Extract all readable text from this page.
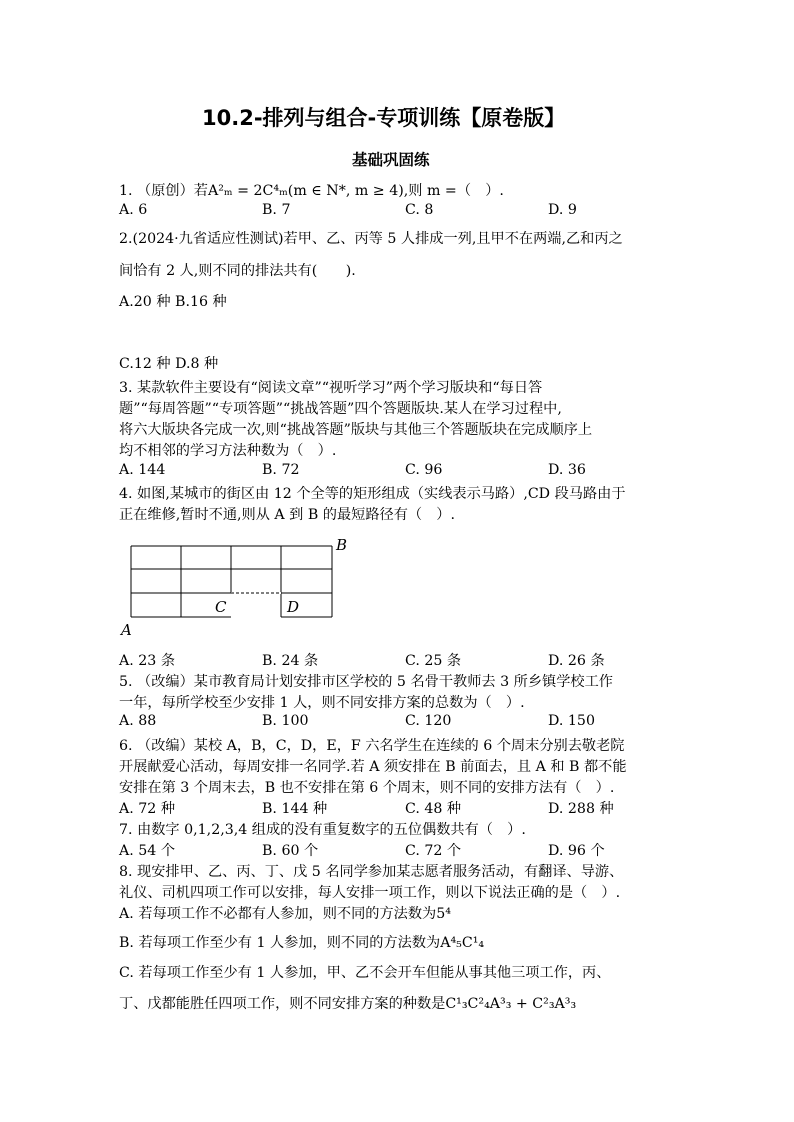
10.2-排列与组合-专项训练【原卷版】
基础巩固练
1. （原创）若A²ₘ = 2C⁴ₘ(m ∈ N*, m ≥ 4),则 m =（　）.
A. 6	B. 7	C. 8	D. 9
2.(2024·九省适应性测试)若甲、乙、丙等 5 人排成一列,且甲不在两端,乙和丙之
间恰有 2 人,则不同的排法共有(　　).
A.20 种 B.16 种
C.12 种 D.8 种
3. 某款软件主要设有“阅读文章”“视听学习”两个学习版块和“每日答
题”“每周答题”“专项答题”“挑战答题”四个答题版块.某人在学习过程中,
将六大版块各完成一次,则“挑战答题”版块与其他三个答题版块在完成顺序上
均不相邻的学习方法种数为（　）.
A. 144	B. 72	C. 96	D. 36
4. 如图,某城市的街区由 12 个全等的矩形组成（实线表示马路）,CD 段马路由于
正在维修,暂时不通,则从 A 到 B 的最短路径有（　）.
B
A
C	D
A. 23 条	B. 24 条	C. 25 条	D. 26 条
5. （改编）某市教育局计划安排市区学校的 5 名骨干教师去 3 所乡镇学校工作
一年，每所学校至少安排 1 人，则不同安排方案的总数为（　）.
A. 88	B. 100	C. 120	D. 150
6. （改编）某校 A，B，C，D，E，F 六名学生在连续的 6 个周末分别去敬老院
开展献爱心活动，每周安排一名同学.若 A 须安排在 B 前面去，且 A 和 B 都不能
安排在第 3 个周末去，B 也不安排在第 6 个周末，则不同的安排方法有（　）.
A. 72 种	B. 144 种	C. 48 种	D. 288 种
7. 由数字 0,1,2,3,4 组成的没有重复数字的五位偶数共有（　）.
A. 54 个	B. 60 个	C. 72 个	D. 96 个
8. 现安排甲、乙、丙、丁、戊 5 名同学参加某志愿者服务活动，有翻译、导游、
礼仪、司机四项工作可以安排，每人安排一项工作，则以下说法正确的是（　）.
A. 若每项工作不必都有人参加，则不同的方法数为5⁴
B. 若每项工作至少有 1 人参加，则不同的方法数为A⁴₅C¹₄
C. 若每项工作至少有 1 人参加，甲、乙不会开车但能从事其他三项工作，丙、
丁、戊都能胜任四项工作，则不同安排方案的种数是C¹₃C²₄A³₃ + C²₃A³₃
